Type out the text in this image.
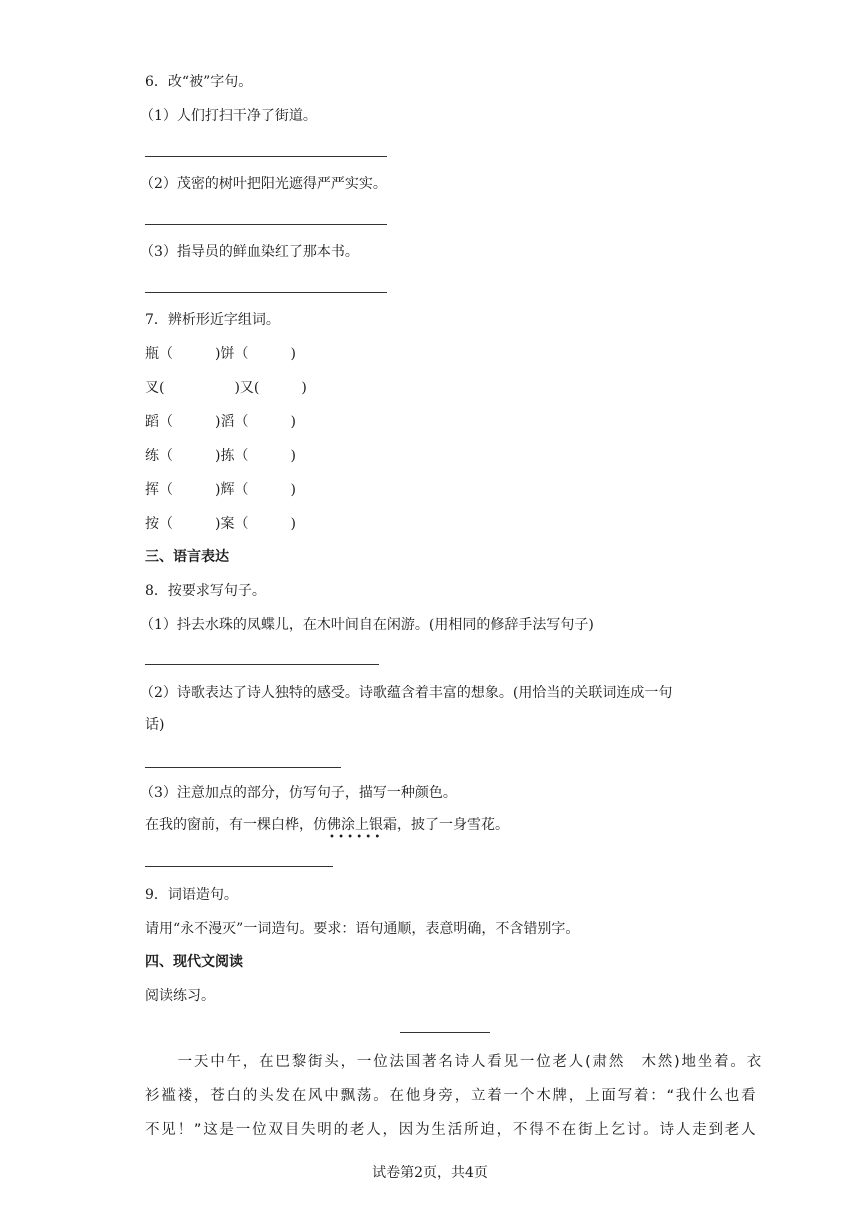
6．改“被”字句。
（1）人们打扫干净了街道。
（2）茂密的树叶把阳光遮得严严实实。
（3）指导员的鲜血染红了那本书。
7．辨析形近字组词。
瓶（　　　)饼（　　　)
叉(　　　　　)又(　　　)
蹈（　　　)滔（　　　)
练（　　　)拣（　　　)
挥（　　　)辉（　　　)
按（　　　)案（　　　)
三、语言表达
8．按要求写句子。
（1）抖去水珠的凤蝶儿，在木叶间自在闲游。(用相同的修辞手法写句子)
（2）诗歌表达了诗人独特的感受。诗歌蕴含着丰富的想象。(用恰当的关联词连成一句
话)
（3）注意加点的部分，仿写句子，描写一种颜色。
在我的窗前，有一棵白桦，仿佛涂上银霜，披了一身雪花。
• • • • • •
9．词语造句。
请用“永不漫灭”一词造句。要求：语句通顺，表意明确，不含错别字。
四、现代文阅读
阅读练习。
　　一天中午，在巴黎街头，一位法国著名诗人看见一位老人(肃然　木然)地坐着。衣
衫褴褛，苍白的头发在风中飘荡。在他身旁，立着一个木牌，上面写着：“我什么也看
不见！”这是一位双目失明的老人，因为生活所迫，不得不在街上乞讨。诗人走到老人
试卷第2页，共4页
